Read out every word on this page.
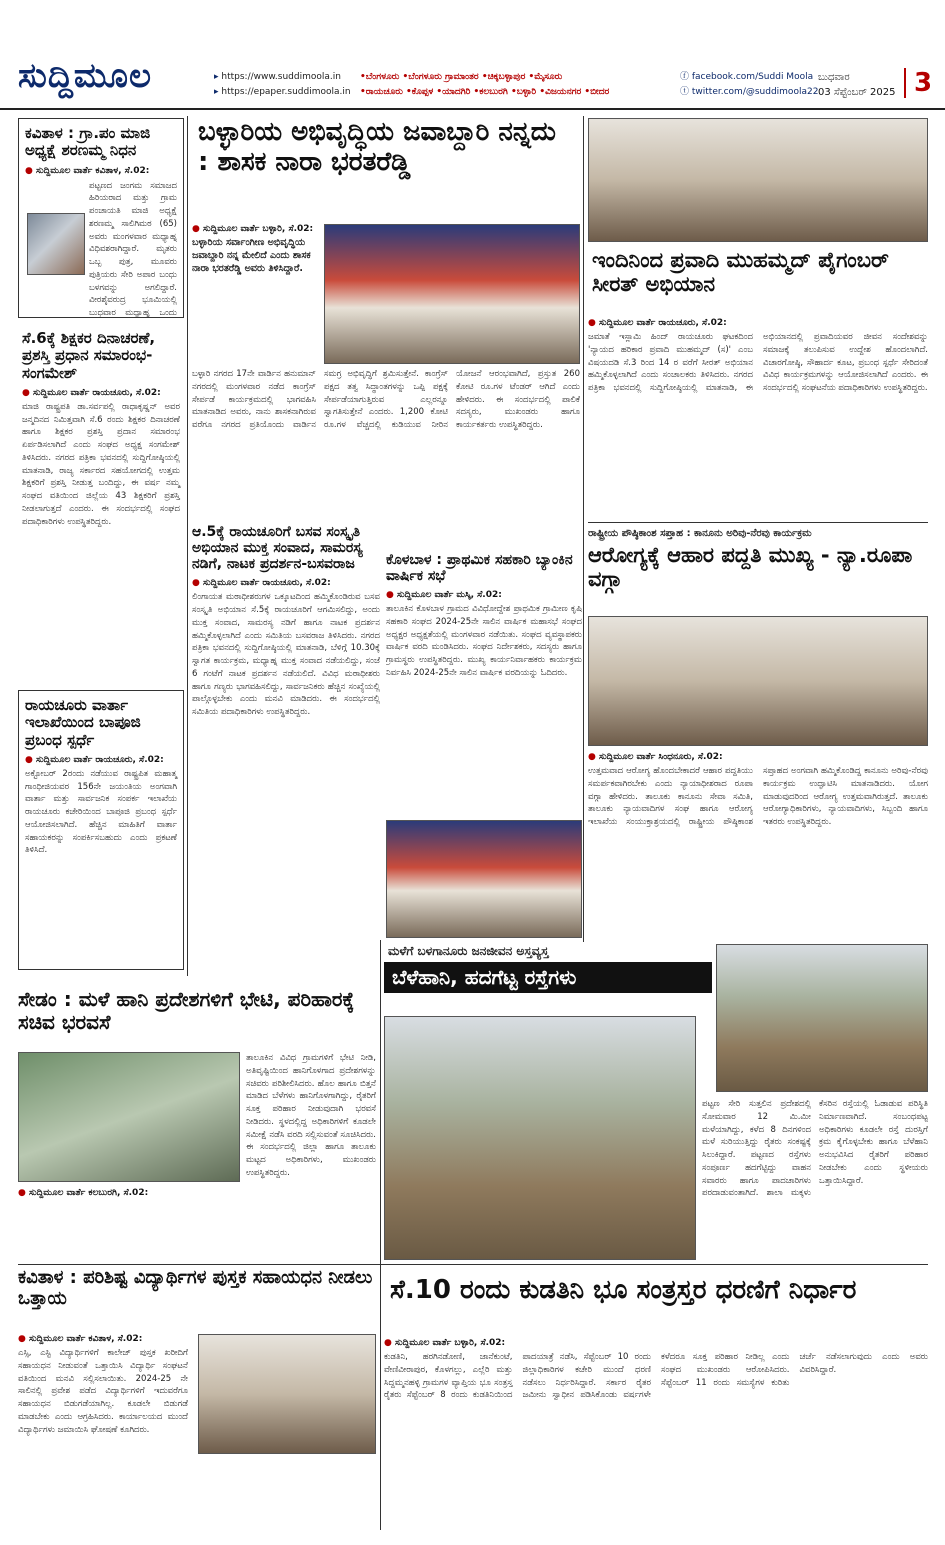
ಸುದ್ದಿಮೂಲ
▸	https://www.suddimoola.in
▸ https://epaper.suddimoola.in
•ಬೆಂಗಳೂರು •ಬೆಂಗಳೂರು ಗ್ರಾಮಾಂತರ •ಚಿಕ್ಕಬಳ್ಳಾಪುರ •ಮೈಸೂರು
•ರಾಯಚೂರು •ಕೊಪ್ಪಳ •ಯಾದಗಿರಿ •ಕಲಬುರಗಿ •ಬಳ್ಳಾರಿ •ವಿಜಯನಗರ •ಬೀದರ
ⓕ facebook.com/Suddi Moola
ⓣ twitter.com/@suddimoola22
ಬುಧವಾರ
03 ಸೆಪ್ಟೆಂಬರ್ 2025 3
ಕವಿತಾಳ : ಗ್ರಾ.ಪಂ ಮಾಜಿ ಅಧ್ಯಕ್ಷೆ ಶರಣಮ್ಮ ನಿಧನ
● ಸುದ್ದಿಮೂಲ ವಾರ್ತೆ ಕವಿತಾಳ, ಸೆ.02:
ಪಟ್ಟಣದ ಜಂಗಮ ಸಮಾಜದ ಹಿರಿಯರಾದ ಮತ್ತು ಗ್ರಾಮ ಪಂಚಾಯತಿ ಮಾಜಿ ಅಧ್ಯಕ್ಷೆ ಶರಣಮ್ಮ ಸಾಲಿಗಿಮಠ (65) ಅವರು ಮಂಗಳವಾರ ಮಧ್ಯಾಹ್ನ ವಿಧಿವಶರಾಗಿದ್ದಾರೆ. ಮೃತರು ಒಬ್ಬ ಪುತ್ರ, ಮೂವರು ಪುತ್ರಿಯರು ಸೇರಿ ಅಪಾರ ಬಂಧು ಬಳಗವನ್ನು ಅಗಲಿದ್ದಾರೆ. ವೀರಶೈವರುದ್ರ ಭೂಮಿಯಲ್ಲಿ ಬುಧವಾರ ಮಧ್ಯಾಹ್ನ ಒಂದು
ಸೆ.6ಕ್ಕೆ ಶಿಕ್ಷಕರ ದಿನಾಚರಣೆ, ಪ್ರಶಸ್ತಿ ಪ್ರಧಾನ ಸಮಾರಂಭ- ಸಂಗಮೇಶ್
● ಸುದ್ದಿಮೂಲ ವಾರ್ತೆ ರಾಯಚೂರು, ಸೆ.02:
ಮಾಜಿ ರಾಷ್ಟ್ರಪತಿ ಡಾ.ಸರ್ವಪಲ್ಲಿ ರಾಧಾಕೃಷ್ಣನ್ ಅವರ ಜನ್ಮದಿನದ ನಿಮಿತ್ತವಾಗಿ ಸೆ.6 ರಂದು ಶಿಕ್ಷಕರ ದಿನಾಚರಣೆ ಹಾಗೂ ಶಿಕ್ಷಕರ ಪ್ರಶಸ್ತಿ ಪ್ರದಾನ ಸಮಾರಂಭ ಏರ್ಪಡಿಸಲಾಗಿದೆ ಎಂದು ಸಂಘದ ಅಧ್ಯಕ್ಷ ಸಂಗಮೇಶ್ ತಿಳಿಸಿದರು. ನಗರದ ಪತ್ರಿಕಾ ಭವನದಲ್ಲಿ ಸುದ್ದಿಗೋಷ್ಠಿಯಲ್ಲಿ ಮಾತನಾಡಿ, ರಾಜ್ಯ ಸರ್ಕಾರದ ಸಹಯೋಗದಲ್ಲಿ ಉತ್ತಮ ಶಿಕ್ಷಕರಿಗೆ ಪ್ರಶಸ್ತಿ ನೀಡುತ್ತ ಬಂದಿದ್ದು, ಈ ವರ್ಷ ನಮ್ಮ ಸಂಘದ ವತಿಯಿಂದ ಜಿಲ್ಲೆಯ 43 ಶಿಕ್ಷಕರಿಗೆ ಪ್ರಶಸ್ತಿ ನೀಡಲಾಗುತ್ತದೆ ಎಂದರು. ಈ ಸಂದರ್ಭದಲ್ಲಿ ಸಂಘದ ಪದಾಧಿಕಾರಿಗಳು ಉಪಸ್ಥಿತರಿದ್ದರು.
ರಾಯಚೂರು ವಾರ್ತಾ ಇಲಾಖೆಯಿಂದ ಬಾಪೂಜಿ ಪ್ರಬಂಧ ಸ್ಪರ್ಧೆ
● ಸುದ್ದಿಮೂಲ ವಾರ್ತೆ ರಾಯಚೂರು, ಸೆ.02:
ಅಕ್ಟೋಬರ್ 2ರಂದು ನಡೆಯುವ ರಾಷ್ಟ್ರಪಿತ ಮಹಾತ್ಮ ಗಾಂಧೀಜಿಯವರ 156ನೇ ಜಯಂತಿಯ ಅಂಗವಾಗಿ ವಾರ್ತಾ ಮತ್ತು ಸಾರ್ವಜನಿಕ ಸಂಪರ್ಕ ಇಲಾಖೆಯ ರಾಯಚೂರು ಕಚೇರಿಯಿಂದ ಬಾಪೂಜಿ ಪ್ರಬಂಧ ಸ್ಪರ್ಧೆ ಆಯೋಜಿಸಲಾಗಿದೆ. ಹೆಚ್ಚಿನ ಮಾಹಿತಿಗೆ ವಾರ್ತಾ ಸಹಾಯಕರನ್ನು ಸಂಪರ್ಕಿಸಬಹುದು ಎಂದು ಪ್ರಕಟಣೆ ತಿಳಿಸಿದೆ.
ಬಳ್ಳಾರಿಯ ಅಭಿವೃದ್ಧಿಯ ಜವಾಬ್ದಾರಿ ನನ್ನದು : ಶಾಸಕ ನಾರಾ ಭರತರೆಡ್ಡಿ
● ಸುದ್ದಿಮೂಲ ವಾರ್ತೆ ಬಳ್ಳಾರಿ, ಸೆ.02:
ಬಳ್ಳಾರಿಯ ಸರ್ವಾಂಗೀಣ ಅಭಿವೃದ್ಧಿಯ ಜವಾಬ್ದಾರಿ ನನ್ನ ಮೇಲಿದೆ ಎಂದು ಶಾಸಕ ನಾರಾ ಭರತರೆಡ್ಡಿ ಅವರು ತಿಳಿಸಿದ್ದಾರೆ.
ಬಳ್ಳಾರಿ ನಗರದ 17ನೇ ವಾರ್ಡಿನ ಹನುಮಾನ್ ನಗರದಲ್ಲಿ ಮಂಗಳವಾರ ನಡೆದ ಕಾಂಗ್ರೆಸ್ ಸೇರ್ಪಡೆ ಕಾರ್ಯಕ್ರಮದಲ್ಲಿ ಭಾಗವಹಿಸಿ ಮಾತನಾಡಿದ ಅವರು, ನಾನು ಶಾಸಕನಾಗಿರುವ ವರೆಗೂ ನಗರದ ಪ್ರತಿಯೊಂದು ವಾರ್ಡಿನ ಸಮಗ್ರ ಅಭಿವೃದ್ಧಿಗೆ ಶ್ರಮಿಸುತ್ತೇನೆ. ಕಾಂಗ್ರೆಸ್ ಪಕ್ಷದ ತತ್ವ ಸಿದ್ಧಾಂತಗಳನ್ನು ಒಪ್ಪಿ ಪಕ್ಷಕ್ಕೆ ಸೇರ್ಪಡೆಯಾಗುತ್ತಿರುವ ಎಲ್ಲರನ್ನೂ ಸ್ವಾಗತಿಸುತ್ತೇನೆ ಎಂದರು. 1,200 ಕೋಟಿ ರೂ.ಗಳ ವೆಚ್ಚದಲ್ಲಿ ಕುಡಿಯುವ ನೀರಿನ ಯೋಜನೆ ಆರಂಭವಾಗಿದೆ, ಪ್ರಸ್ತುತ 260 ಕೋಟಿ ರೂ.ಗಳ ಟೆಂಡರ್ ಆಗಿದೆ ಎಂದು ಹೇಳಿದರು. ಈ ಸಂದರ್ಭದಲ್ಲಿ ಪಾಲಿಕೆ ಸದಸ್ಯರು, ಮುಖಂಡರು ಹಾಗೂ ಕಾರ್ಯಕರ್ತರು ಉಪಸ್ಥಿತರಿದ್ದರು.
ಇಂದಿನಿಂದ ಪ್ರವಾದಿ ಮುಹಮ್ಮದ್ ಪೈಗಂಬರ್ ಸೀರತ್ ಅಭಿಯಾನ
● ಸುದ್ದಿಮೂಲ ವಾರ್ತೆ ರಾಯಚೂರು, ಸೆ.02:
ಜಮಾತೆ ಇಸ್ಲಾಮಿ ಹಿಂದ್ ರಾಯಚೂರು ಘಟಕದಿಂದ 'ನ್ಯಾಯದ ಹರಿಕಾರ ಪ್ರವಾದಿ ಮುಹಮ್ಮದ್ (ಸ)' ಎಂಬ ವಿಷಯದಡಿ ಸೆ.3 ರಿಂದ 14 ರ ವರೆಗೆ ಸೀರತ್ ಅಭಿಯಾನ ಹಮ್ಮಿಕೊಳ್ಳಲಾಗಿದೆ ಎಂದು ಸಂಚಾಲಕರು ತಿಳಿಸಿದರು. ನಗರದ ಪತ್ರಿಕಾ ಭವನದಲ್ಲಿ ಸುದ್ದಿಗೋಷ್ಠಿಯಲ್ಲಿ ಮಾತನಾಡಿ, ಈ ಅಭಿಯಾನದಲ್ಲಿ ಪ್ರವಾದಿಯವರ ಜೀವನ ಸಂದೇಶವನ್ನು ಸಮಾಜಕ್ಕೆ ತಲುಪಿಸುವ ಉದ್ದೇಶ ಹೊಂದಲಾಗಿದೆ. ವಿಚಾರಗೋಷ್ಠಿ, ಸೌಹಾರ್ದ ಕೂಟ, ಪ್ರಬಂಧ ಸ್ಪರ್ಧೆ ಸೇರಿದಂತೆ ವಿವಿಧ ಕಾರ್ಯಕ್ರಮಗಳನ್ನು ಆಯೋಜಿಸಲಾಗಿದೆ ಎಂದರು. ಈ ಸಂದರ್ಭದಲ್ಲಿ ಸಂಘಟನೆಯ ಪದಾಧಿಕಾರಿಗಳು ಉಪಸ್ಥಿತರಿದ್ದರು.
ಆ.5ಕ್ಕೆ ರಾಯಚೂರಿಗೆ ಬಸವ ಸಂಸ್ಕೃತಿ ಅಭಿಯಾನ ಮುಕ್ತ ಸಂವಾದ, ಸಾಮರಸ್ಯ ನಡಿಗೆ, ನಾಟಕ ಪ್ರದರ್ಶನ-ಬಸವರಾಜ
● ಸುದ್ದಿಮೂಲ ವಾರ್ತೆ ರಾಯಚೂರು, ಸೆ.02:
ಲಿಂಗಾಯತ ಮಠಾಧೀಶರುಗಳ ಒಕ್ಕೂಟದಿಂದ ಹಮ್ಮಿಕೊಂಡಿರುವ ಬಸವ ಸಂಸ್ಕೃತಿ ಅಭಿಯಾನ ಸೆ.5ಕ್ಕೆ ರಾಯಚೂರಿಗೆ ಆಗಮಿಸಲಿದ್ದು, ಅಂದು ಮುಕ್ತ ಸಂವಾದ, ಸಾಮರಸ್ಯ ನಡಿಗೆ ಹಾಗೂ ನಾಟಕ ಪ್ರದರ್ಶನ ಹಮ್ಮಿಕೊಳ್ಳಲಾಗಿದೆ ಎಂದು ಸಮಿತಿಯ ಬಸವರಾಜ ತಿಳಿಸಿದರು. ನಗರದ ಪತ್ರಿಕಾ ಭವನದಲ್ಲಿ ಸುದ್ದಿಗೋಷ್ಠಿಯಲ್ಲಿ ಮಾತನಾಡಿ, ಬೆಳಿಗ್ಗೆ 10.30ಕ್ಕೆ ಸ್ವಾಗತ ಕಾರ್ಯಕ್ರಮ, ಮಧ್ಯಾಹ್ನ ಮುಕ್ತ ಸಂವಾದ ನಡೆಯಲಿದ್ದು, ಸಂಜೆ 6 ಗಂಟೆಗೆ ನಾಟಕ ಪ್ರದರ್ಶನ ನಡೆಯಲಿದೆ. ವಿವಿಧ ಮಠಾಧೀಶರು ಹಾಗೂ ಗಣ್ಯರು ಭಾಗವಹಿಸಲಿದ್ದು, ಸಾರ್ವಜನಿಕರು ಹೆಚ್ಚಿನ ಸಂಖ್ಯೆಯಲ್ಲಿ ಪಾಲ್ಗೊಳ್ಳಬೇಕು ಎಂದು ಮನವಿ ಮಾಡಿದರು. ಈ ಸಂದರ್ಭದಲ್ಲಿ ಸಮಿತಿಯ ಪದಾಧಿಕಾರಿಗಳು ಉಪಸ್ಥಿತರಿದ್ದರು.
ಕೊಳಬಾಳ : ಪ್ರಾಥಮಿಕ ಸಹಕಾರಿ ಬ್ಯಾಂಕಿನ ವಾರ್ಷಿಕ ಸಭೆ
● ಸುದ್ದಿಮೂಲ ವಾರ್ತೆ ಮಸ್ಕಿ, ಸೆ.02:
ತಾಲೂಕಿನ ಕೊಳಬಾಳ ಗ್ರಾಮದ ವಿವಿಧೋದ್ದೇಶ ಪ್ರಾಥಮಿಕ ಗ್ರಾಮೀಣ ಕೃಷಿ ಸಹಕಾರಿ ಸಂಘದ 2024-25ನೇ ಸಾಲಿನ ವಾರ್ಷಿಕ ಮಹಾಸಭೆ ಸಂಘದ ಅಧ್ಯಕ್ಷರ ಅಧ್ಯಕ್ಷತೆಯಲ್ಲಿ ಮಂಗಳವಾರ ನಡೆಯಿತು. ಸಂಘದ ವ್ಯವಸ್ಥಾಪಕರು ವಾರ್ಷಿಕ ವರದಿ ಮಂಡಿಸಿದರು. ಸಂಘದ ನಿರ್ದೇಶಕರು, ಸದಸ್ಯರು ಹಾಗೂ ಗ್ರಾಮಸ್ಥರು ಉಪಸ್ಥಿತರಿದ್ದರು. ಮುಖ್ಯ ಕಾರ್ಯನಿರ್ವಾಹಕರು ಕಾರ್ಯಕ್ರಮ ನಿರ್ವಹಿಸಿ 2024-25ನೇ ಸಾಲಿನ ವಾರ್ಷಿಕ ವರದಿಯನ್ನು ಓದಿದರು.
ರಾಷ್ಟ್ರೀಯ ಪೌಷ್ಠಿಕಾಂಶ ಸಪ್ತಾಹ : ಕಾನೂನು ಅರಿವು-ನೆರವು ಕಾರ್ಯಕ್ರಮ
ಆರೋಗ್ಯಕ್ಕೆ ಆಹಾರ ಪದ್ದತಿ ಮುಖ್ಯ - ನ್ಯಾ.ರೂಪಾ ವಗ್ಗಾ
● ಸುದ್ದಿಮೂಲ ವಾರ್ತೆ ಸಿಂಧನೂರು, ಸೆ.02:
ಉತ್ತಮವಾದ ಆರೋಗ್ಯ ಹೊಂದಬೇಕಾದರೆ ಆಹಾರ ಪದ್ದತಿಯು ಸಮರ್ಪಕವಾಗಿರಬೇಕು ಎಂದು ನ್ಯಾಯಾಧೀಶರಾದ ರೂಪಾ ವಗ್ಗಾ ಹೇಳಿದರು. ತಾಲೂಕು ಕಾನೂನು ಸೇವಾ ಸಮಿತಿ, ತಾಲೂಕು ನ್ಯಾಯವಾದಿಗಳ ಸಂಘ ಹಾಗೂ ಆರೋಗ್ಯ ಇಲಾಖೆಯ ಸಂಯುಕ್ತಾಶ್ರಯದಲ್ಲಿ ರಾಷ್ಟ್ರೀಯ ಪೌಷ್ಠಿಕಾಂಶ ಸಪ್ತಾಹದ ಅಂಗವಾಗಿ ಹಮ್ಮಿಕೊಂಡಿದ್ದ ಕಾನೂನು ಅರಿವು-ನೆರವು ಕಾರ್ಯಕ್ರಮ ಉದ್ಘಾಟಿಸಿ ಮಾತನಾಡಿದರು. ಯೋಗ ಮಾಡುವುದರಿಂದ ಆರೋಗ್ಯ ಉತ್ತಮವಾಗಿರುತ್ತದೆ. ತಾಲೂಕು ಆರೋಗ್ಯಾಧಿಕಾರಿಗಳು, ನ್ಯಾಯವಾದಿಗಳು, ಸಿಬ್ಬಂದಿ ಹಾಗೂ ಇತರರು ಉಪಸ್ಥಿತರಿದ್ದರು.
ಮಳೆಗೆ ಬಳಗಾನೂರು ಜನಜೀವನ ಅಸ್ತವ್ಯಸ್ತ
ಬೆಳೆಹಾನಿ, ಹದಗೆಟ್ಟ ರಸ್ತೆಗಳು
ಪಟ್ಟಣ ಸೇರಿ ಸುತ್ತಲಿನ ಪ್ರದೇಶದಲ್ಲಿ ಸೋಮವಾರ 12 ಮಿ.ಮೀ ಮಳೆಯಾಗಿದ್ದು, ಕಳೆದ 8 ದಿನಗಳಿಂದ ಮಳೆ ಸುರಿಯುತ್ತಿದ್ದು ರೈತರು ಸಂಕಷ್ಟಕ್ಕೆ ಸಿಲುಕಿದ್ದಾರೆ. ಪಟ್ಟಣದ ರಸ್ತೆಗಳು ಸಂಪೂರ್ಣ ಹದಗೆಟ್ಟಿದ್ದು ವಾಹನ ಸವಾರರು ಹಾಗೂ ಪಾದಚಾರಿಗಳು ಪರದಾಡುವಂತಾಗಿದೆ. ಶಾಲಾ ಮಕ್ಕಳು ಕೆಸರಿನ ರಸ್ತೆಯಲ್ಲಿ ಓಡಾಡುವ ಪರಿಸ್ಥಿತಿ ನಿರ್ಮಾಣವಾಗಿದೆ. ಸಂಬಂಧಪಟ್ಟ ಅಧಿಕಾರಿಗಳು ಕೂಡಲೇ ರಸ್ತೆ ದುರಸ್ತಿಗೆ ಕ್ರಮ ಕೈಗೊಳ್ಳಬೇಕು ಹಾಗೂ ಬೆಳೆಹಾನಿ ಅನುಭವಿಸಿದ ರೈತರಿಗೆ ಪರಿಹಾರ ನೀಡಬೇಕು ಎಂದು ಸ್ಥಳೀಯರು ಒತ್ತಾಯಿಸಿದ್ದಾರೆ.
ಸೇಡಂ : ಮಳೆ ಹಾನಿ ಪ್ರದೇಶಗಳಿಗೆ ಭೇಟಿ, ಪರಿಹಾರಕ್ಕೆ ಸಚಿವ ಭರವಸೆ
ತಾಲೂಕಿನ ವಿವಿಧ ಗ್ರಾಮಗಳಿಗೆ ಭೇಟಿ ನೀಡಿ, ಅತಿವೃಷ್ಟಿಯಿಂದ ಹಾನಿಗೊಳಗಾದ ಪ್ರದೇಶಗಳನ್ನು ಸಚಿವರು ಪರಿಶೀಲಿಸಿದರು. ಹೊಲ ಹಾಗೂ ಬಿತ್ತನೆ ಮಾಡಿದ ಬೆಳೆಗಳು ಹಾನಿಗೊಳಗಾಗಿದ್ದು, ರೈತರಿಗೆ ಸೂಕ್ತ ಪರಿಹಾರ ನೀಡುವುದಾಗಿ ಭರವಸೆ ನೀಡಿದರು. ಸ್ಥಳದಲ್ಲಿದ್ದ ಅಧಿಕಾರಿಗಳಿಗೆ ಕೂಡಲೇ ಸಮೀಕ್ಷೆ ನಡೆಸಿ ವರದಿ ಸಲ್ಲಿಸುವಂತೆ ಸೂಚಿಸಿದರು. ಈ ಸಂದರ್ಭದಲ್ಲಿ ಜಿಲ್ಲಾ ಹಾಗೂ ತಾಲೂಕು ಮಟ್ಟದ ಅಧಿಕಾರಿಗಳು, ಮುಖಂಡರು ಉಪಸ್ಥಿತರಿದ್ದರು.
● ಸುದ್ದಿಮೂಲ ವಾರ್ತೆ ಕಲಬುರಗಿ, ಸೆ.02:
ಕವಿತಾಳ : ಪರಿಶಿಷ್ಟ ವಿದ್ಯಾರ್ಥಿಗಳ ಪುಸ್ತಕ ಸಹಾಯಧನ ನೀಡಲು ಒತ್ತಾಯ
● ಸುದ್ದಿಮೂಲ ವಾರ್ತೆ ಕವಿತಾಳ, ಸೆ.02:
ಎಸ್ಸಿ, ಎಸ್ಟಿ ವಿದ್ಯಾರ್ಥಿಗಳಿಗೆ ಕಾಲೇಜ್ ಪುಸ್ತಕ ಖರೀದಿಗೆ ಸಹಾಯಧನ ನೀಡುವಂತೆ ಒತ್ತಾಯಿಸಿ ವಿದ್ಯಾರ್ಥಿ ಸಂಘಟನೆ ವತಿಯಿಂದ ಮನವಿ ಸಲ್ಲಿಸಲಾಯಿತು. 2024-25 ನೇ ಸಾಲಿನಲ್ಲಿ ಪ್ರವೇಶ ಪಡೆದ ವಿದ್ಯಾರ್ಥಿಗಳಿಗೆ ಇದುವರೆಗೂ ಸಹಾಯಧನ ಬಿಡುಗಡೆಯಾಗಿಲ್ಲ. ಕೂಡಲೇ ಬಿಡುಗಡೆ ಮಾಡಬೇಕು ಎಂದು ಆಗ್ರಹಿಸಿದರು. ಕಾರ್ಯಾಲಯದ ಮುಂದೆ ವಿದ್ಯಾರ್ಥಿಗಳು ಜಮಾಯಿಸಿ ಘೋಷಣೆ ಕೂಗಿದರು.
ಸೆ.10 ರಂದು ಕುಡತಿನಿ ಭೂ ಸಂತ್ರಸ್ತರ ಧರಣಿಗೆ ನಿರ್ಧಾರ
● ಸುದ್ದಿಮೂಲ ವಾರ್ತೆ ಬಳ್ಳಾರಿ, ಸೆ.02:
ಕುಡತಿನಿ, ಹರಗಿನಡೋಣಿ, ಜಾನೆಕುಂಟೆ, ವೇಣಿವೀರಾಪುರ, ಕೊಳಗಲ್ಲು, ಎಲ್ಲೆರಿ ಮತ್ತು ಸಿದ್ದಮ್ಮನಹಳ್ಳಿ ಗ್ರಾಮಗಳ ವ್ಯಾಪ್ತಿಯ ಭೂ ಸಂತ್ರಸ್ತ ರೈತರು ಸೆಪ್ಟೆಂಬರ್ 8 ರಂದು ಕುಡತಿನಿಯಿಂದ ಪಾದಯಾತ್ರೆ ನಡೆಸಿ, ಸೆಪ್ಟೆಂಬರ್ 10 ರಂದು ಜಿಲ್ಲಾಧಿಕಾರಿಗಳ ಕಚೇರಿ ಮುಂದೆ ಧರಣಿ ನಡೆಸಲು ನಿರ್ಧರಿಸಿದ್ದಾರೆ. ಸರ್ಕಾರ ರೈತರ ಜಮೀನು ಸ್ವಾಧೀನ ಪಡಿಸಿಕೊಂಡು ವರ್ಷಗಳೇ ಕಳೆದರೂ ಸೂಕ್ತ ಪರಿಹಾರ ನೀಡಿಲ್ಲ ಎಂದು ಸಂಘದ ಮುಖಂಡರು ಆರೋಪಿಸಿದರು. ಸೆಪ್ಟೆಂಬರ್ 11 ರಂದು ಸಮಸ್ಯೆಗಳ ಕುರಿತು ಚರ್ಚೆ ನಡೆಸಲಾಗುವುದು ಎಂದು ಅವರು ವಿವರಿಸಿದ್ದಾರೆ.
